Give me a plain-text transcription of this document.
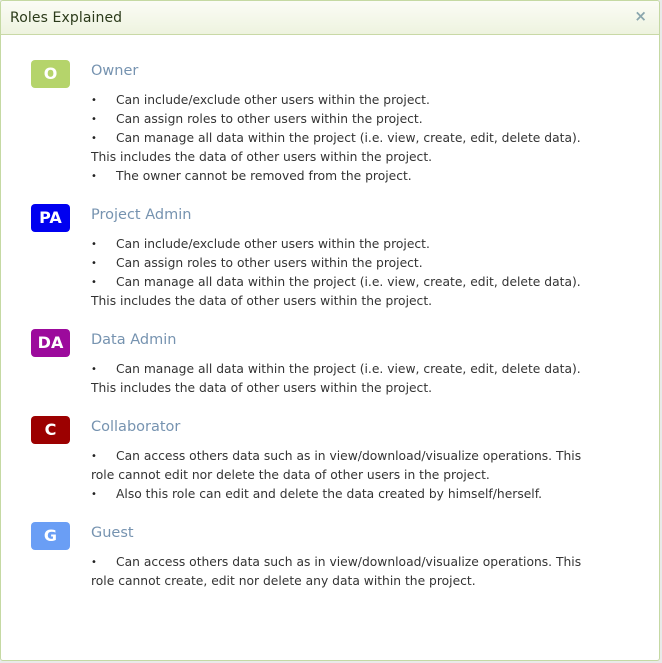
Roles Explained	×
O	Owner
• Can include/exclude other users within the project.
• Can assign roles to other users within the project.
• Can manage all data within the project (i.e. view, create, edit, delete data).
This includes the data of other users within the project.
• The owner cannot be removed from the project.
PA	Project Admin
• Can include/exclude other users within the project.
• Can assign roles to other users within the project.
• Can manage all data within the project (i.e. view, create, edit, delete data).
This includes the data of other users within the project.
DA	Data Admin
• Can manage all data within the project (i.e. view, create, edit, delete data).
This includes the data of other users within the project.
C	Collaborator
• Can access others data such as in view/download/visualize operations. This
role cannot edit nor delete the data of other users in the project.
• Also this role can edit and delete the data created by himself/herself.
G	Guest
• Can access others data such as in view/download/visualize operations. This
role cannot create, edit nor delete any data within the project.
